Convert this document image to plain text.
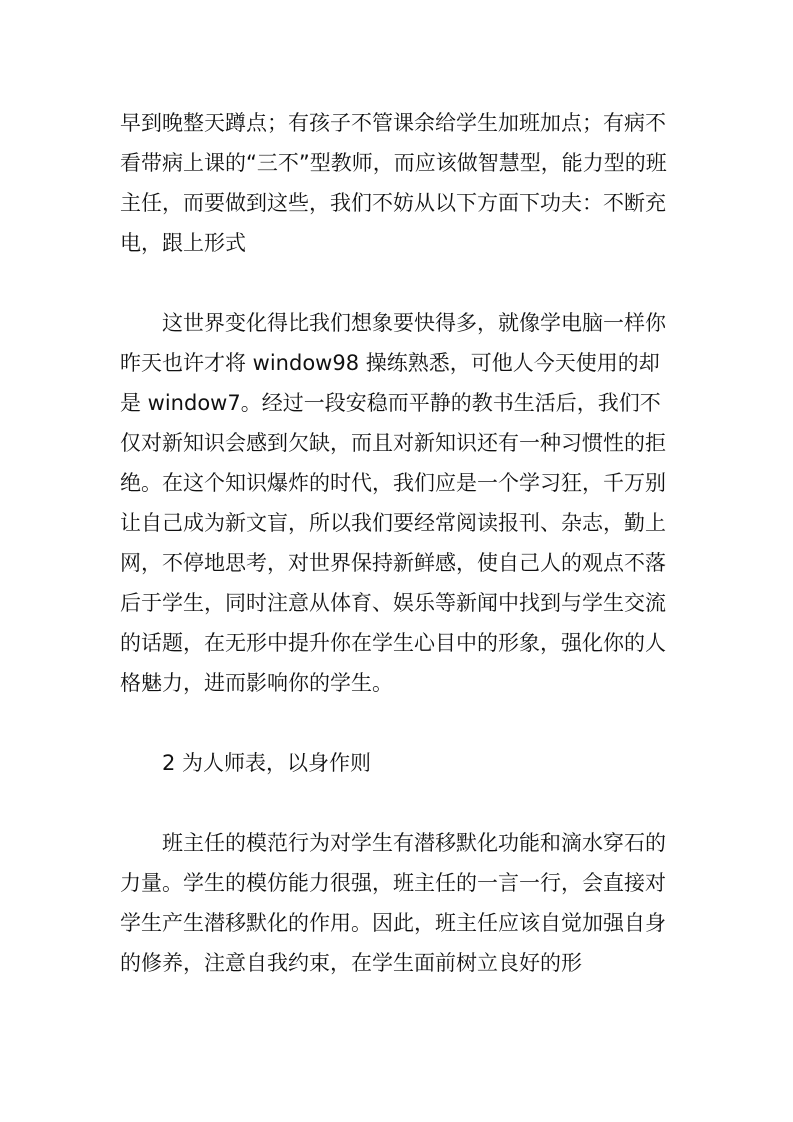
早到晚整天蹲点；有孩子不管课余给学生加班加点；有病不看带病上课的“三不”型教师，而应该做智慧型，能力型的班主任，而要做到这些，我们不妨从以下方面下功夫：不断充电，跟上形式

这世界变化得比我们想象要快得多，就像学电脑一样你昨天也许才将 window98 操练熟悉，可他人今天使用的却是 window7。经过一段安稳而平静的教书生活后，我们不仅对新知识会感到欠缺，而且对新知识还有一种习惯性的拒绝。在这个知识爆炸的时代，我们应是一个学习狂，千万别让自己成为新文盲，所以我们要经常阅读报刊、杂志，勤上网，不停地思考，对世界保持新鲜感，使自己人的观点不落后于学生，同时注意从体育、娱乐等新闻中找到与学生交流的话题，在无形中提升你在学生心目中的形象，强化你的人格魅力，进而影响你的学生。

2 为人师表，以身作则

班主任的模范行为对学生有潜移默化功能和滴水穿石的力量。学生的模仿能力很强，班主任的一言一行，会直接对学生产生潜移默化的作用。因此，班主任应该自觉加强自身的修养，注意自我约束，在学生面前树立良好的形
